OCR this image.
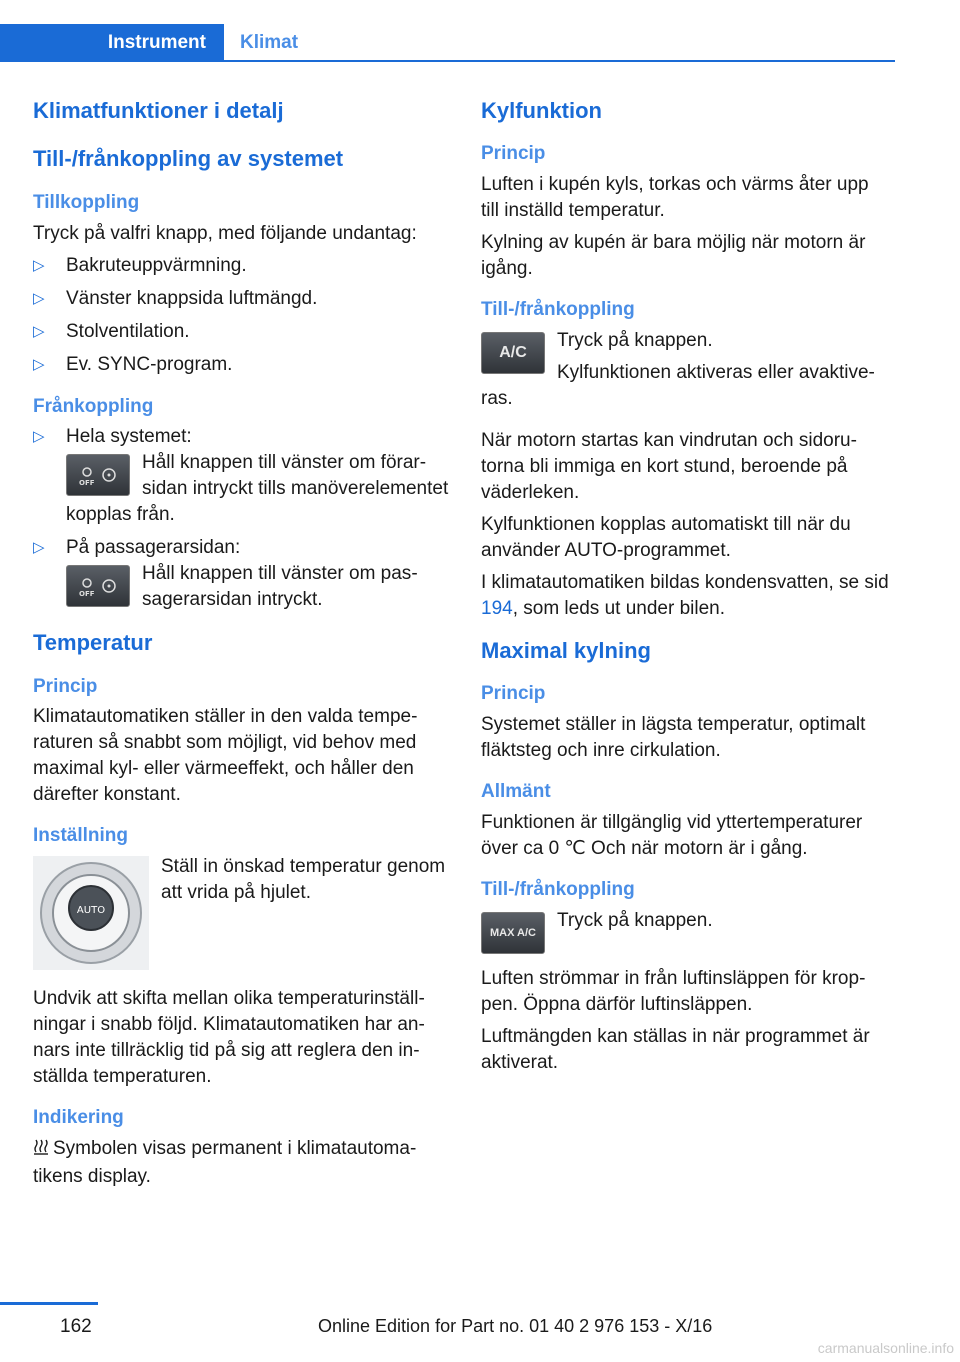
Instrument	Klimat
Klimatfunktioner i detalj
Till-/frånkoppling av systemet
Tillkoppling
Tryck på valfri knapp, med följande undantag:
▷ Bakruteuppvärmning.
▷ Vänster knappsida luftmängd.
▷ Stolventilation.
▷ Ev. SYNC-program.
Frånkoppling
▷ Hela systemet:
OFF
Håll knappen till vänster om förarsidan intryckt tills manöverelementet kopplas från.
▷ På passagerarsidan:
OFF
Håll knappen till vänster om passagerarsidan intryckt.
Temperatur
Princip
Klimatautomatiken ställer in den valda temperaturen så snabbt som möjligt, vid behov med maximal kyl- eller värmeeffekt, och håller den därefter konstant.
Inställning
AUTO
Ställ in önskad temperatur genom att vrida på hjulet.
Undvik att skifta mellan olika temperaturinställningar i snabb följd. Klimatautomatiken har annars inte tillräcklig tid på sig att reglera den inställda temperaturen.
Indikering
Symbolen visas permanent i klimatautomatikens display.
Kylfunktion
Princip
Luften i kupén kyls, torkas och värms åter upp till inställd temperatur.
Kylning av kupén är bara möjlig när motorn är igång.
Till-/frånkoppling
A/C
Tryck på knappen.
Kylfunktionen aktiveras eller avaktiveras.
När motorn startas kan vindrutan och sidorutorna bli immiga en kort stund, beroende på väderleken.
Kylfunktionen kopplas automatiskt till när du använder AUTO-programmet.
I klimatautomatiken bildas kondensvatten, se sid 194, som leds ut under bilen.
Maximal kylning
Princip
Systemet ställer in lägsta temperatur, optimalt fläktsteg och inre cirkulation.
Allmänt
Funktionen är tillgänglig vid yttertemperaturer över ca 0 ℃ Och när motorn är i gång.
Till-/frånkoppling
MAX A/C
Tryck på knappen.
Luften strömmar in från luftinsläppen för kroppen. Öppna därför luftinsläppen.
Luftmängden kan ställas in när programmet är aktiverat.
162	Online Edition for Part no. 01 40 2 976 153 - X/16
carmanualsonline.info
